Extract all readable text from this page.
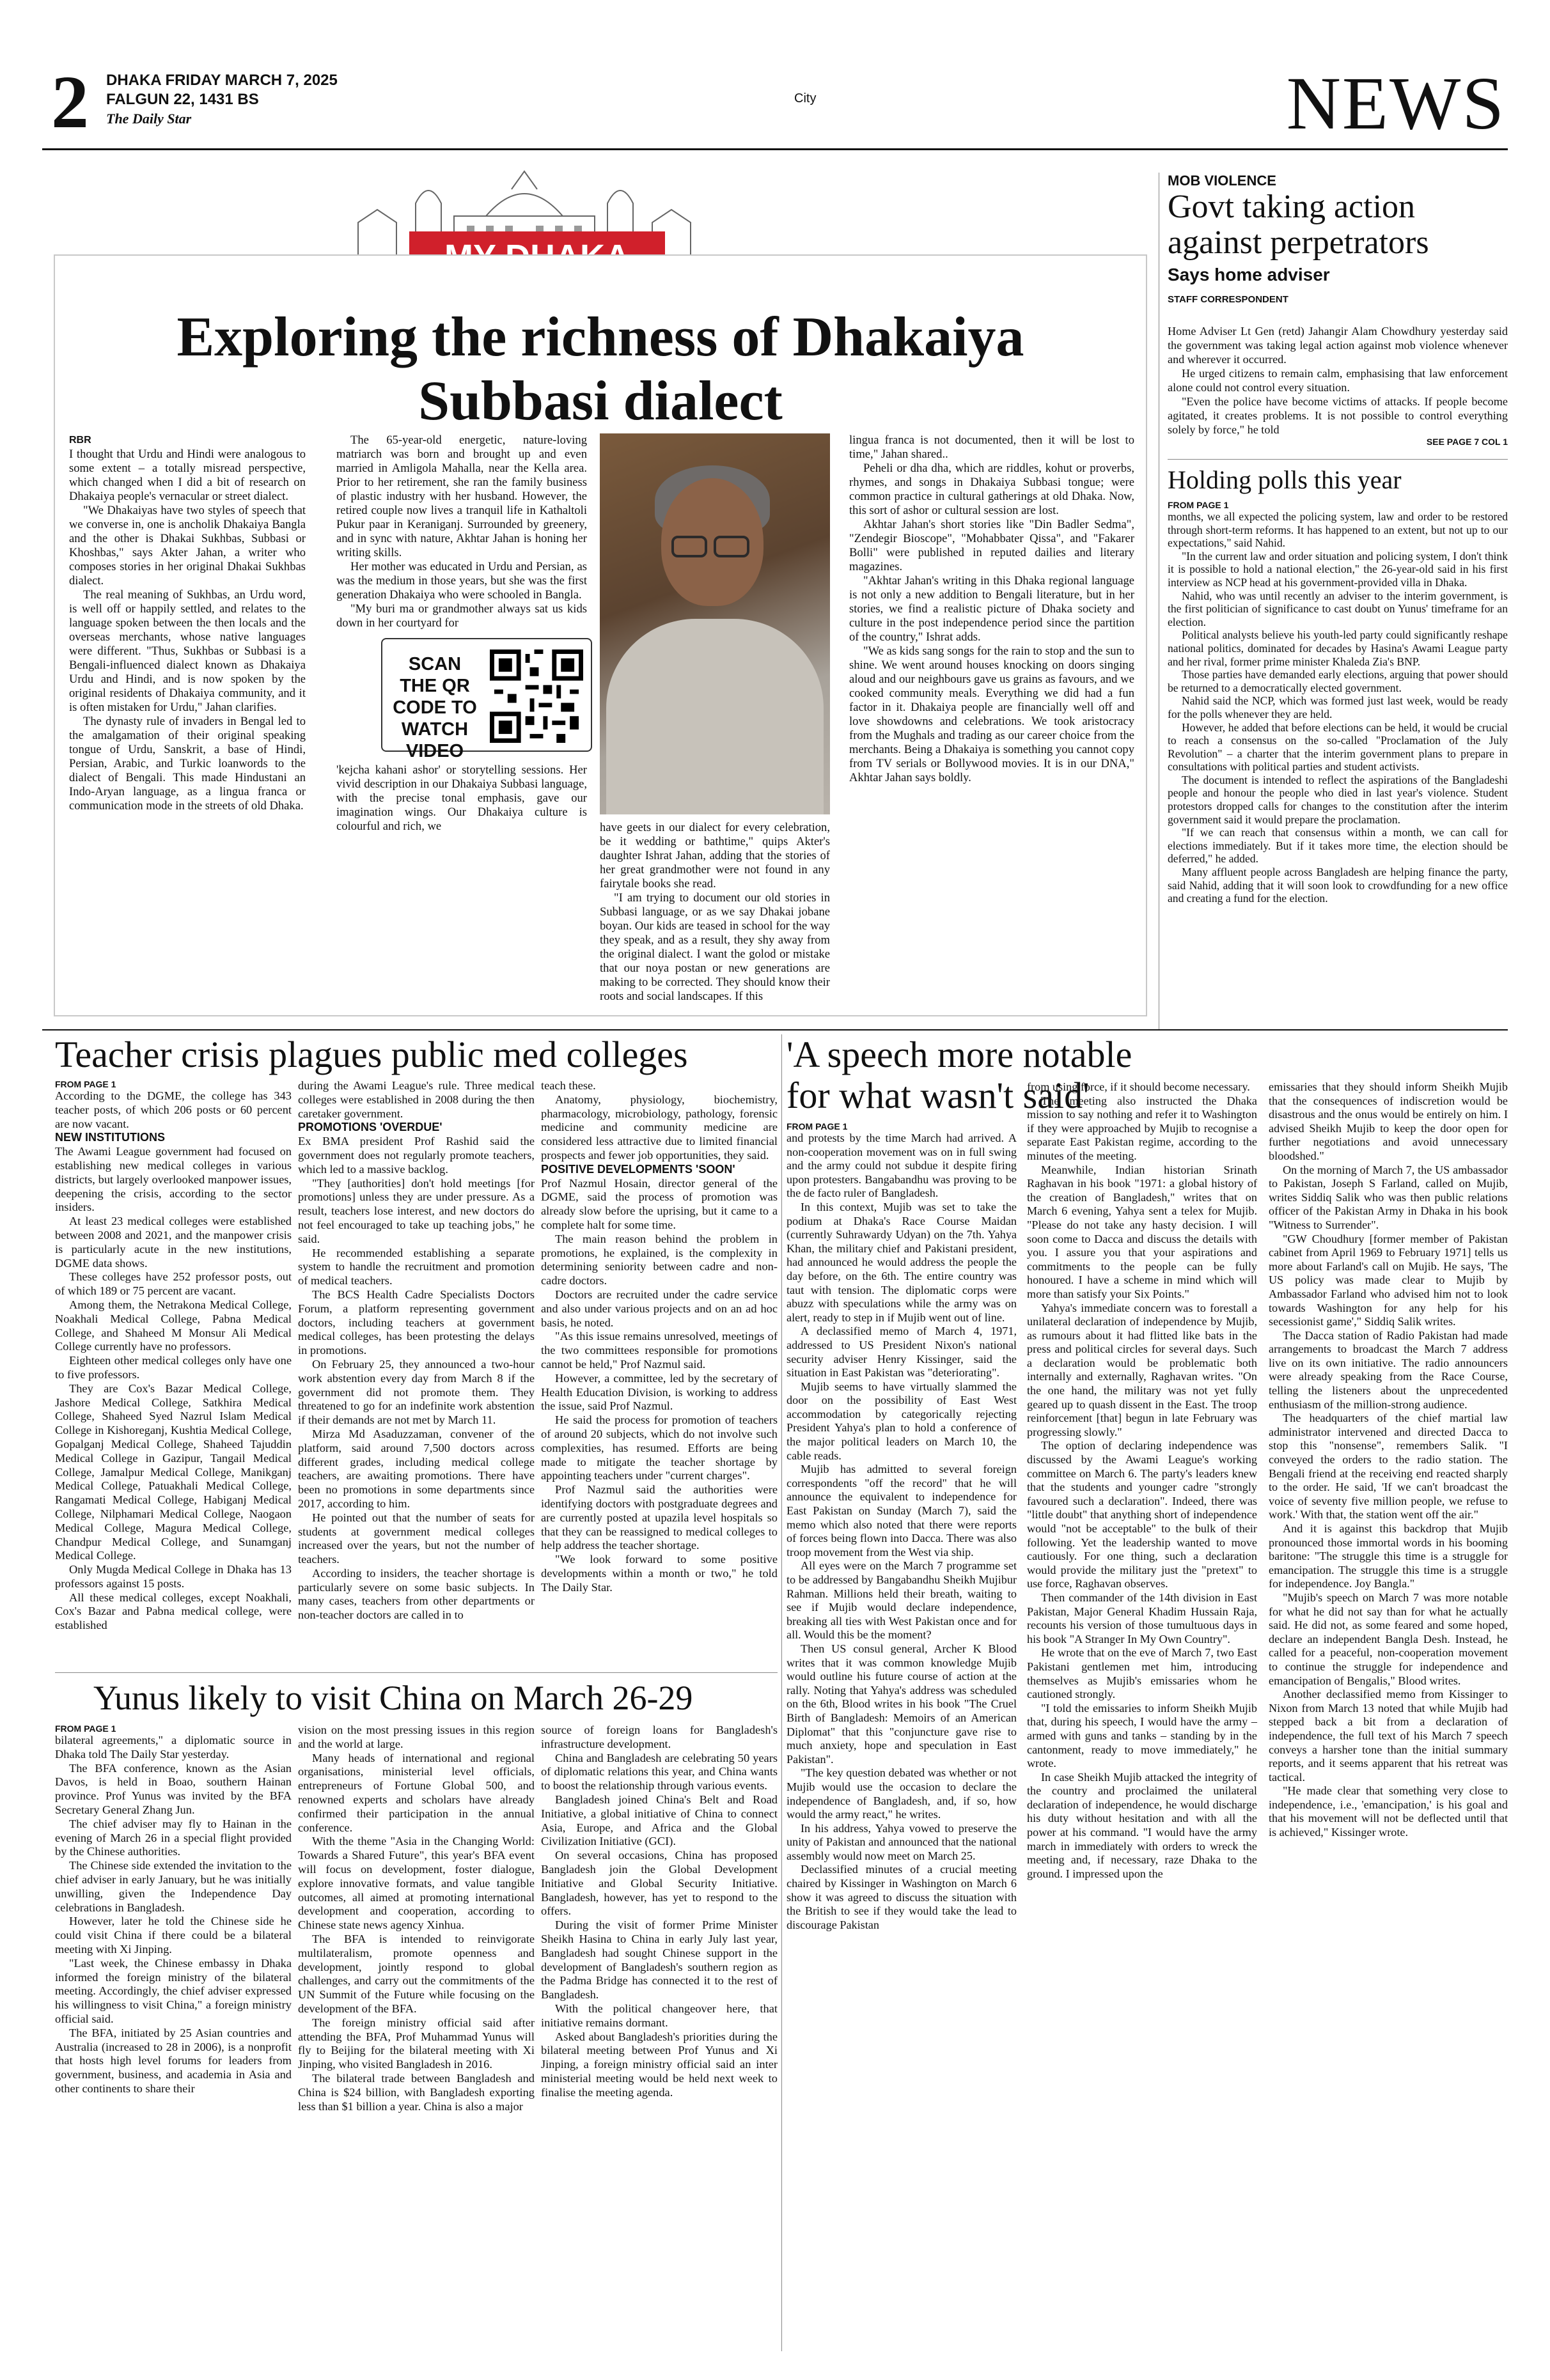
2 DHAKA FRIDAY MARCH 7, 2025
FALGUN 22, 1431 BS
The Daily Star
City	NEWS
Exploring the richness of Dhakaiya Subbasi dialect
RBR

I thought that Urdu and Hindi were analogous to some extent – a totally misread perspective, which changed when I did a bit of research on Dhakaiya people's vernacular or street dialect.

"We Dhakaiyas have two styles of speech that we converse in, one is ancholik Dhakaiya Bangla and the other is Dhakai Sukhbas, Subbasi or Khoshbas," says Akter Jahan, a writer who composes stories in her original Dhakai Sukhbas dialect.

The real meaning of Sukhbas, an Urdu word, is well off or happily settled, and relates to the language spoken between the then locals and the overseas merchants, whose native languages were different. "Thus, Sukhbas or Subbasi is a Bengali-influenced dialect known as Dhakaiya Urdu and Hindi, and is now spoken by the original residents of Dhakaiya community, and it is often mistaken for Urdu," Jahan clarifies.

The dynasty rule of invaders in Bengal led to the amalgamation of their original speaking tongue of Urdu, Sanskrit, a base of Hindi, Persian, Arabic, and Turkic loanwords to the dialect of Bengali. This made Hindustani an Indo-Aryan language, as a lingua franca or communication mode in the streets of old Dhaka.

The 65-year-old energetic, nature-loving matriarch was born and brought up and even married in Amligola Mahalla, near the Kella area. Prior to her retirement, she ran the family business of plastic industry with her husband. However, the retired couple now lives a tranquil life in Kathaltoli Pukur paar in Keraniganj. Surrounded by greenery, and in sync with nature, Akhtar Jahan is honing her writing skills.

Her mother was educated in Urdu and Persian, as was the medium in those years, but she was the first generation Dhakaiya who were schooled in Bangla.

"My buri ma or grandmother always sat us kids down in her courtyard for

SCAN THE QR CODE TO WATCH VIDEO

'kejcha kahani ashor' or storytelling sessions. Her vivid description in our Dhakaiya Subbasi language, with the precise tonal emphasis, gave our imagination wings. Our Dhakaiya culture is colourful and rich, we	have geets in our dialect for every celebration, be it wedding or bathtime," quips Akter's daughter Ishrat Jahan, adding that the stories of her great grandmother were not found in any fairytale books she read.

"I am trying to document our old stories in Subbasi language, or as we say Dhakai jobane boyan. Our kids are teased in school for the way they speak, and as a result, they shy away from the original dialect. I want the golod or mistake that our noya postan or new generations are making to be corrected. They should know their roots and social landscapes. If this

lingua franca is not documented, then it will be lost to time," Jahan shared..

Peheli or dha dha, which are riddles, kohut or proverbs, rhymes, and songs in Dhakaiya Subbasi tongue; were common practice in cultural gatherings at old Dhaka. Now, this sort of ashor or cultural session are lost.

Akhtar Jahan's short stories like "Din Badler Sedma", "Zendegir Bioscope", "Mohabbater Qissa", and "Fakarer Bolli" were published in reputed dailies and literary magazines.

"Akhtar Jahan's writing in this Dhaka regional language is not only a new addition to Bengali literature, but in her stories, we find a realistic picture of Dhaka society and culture in the post independence period since the partition of the country," Ishrat adds.

"We as kids sang songs for the rain to stop and the sun to shine. We went around houses knocking on doors singing aloud and our neighbours gave us grains as favours, and we cooked community meals. Everything we did had a fun factor in it. Dhakaiya people are financially well off and love showdowns and celebrations. We took aristocracy from the Mughals and trading as our career choice from the merchants. Being a Dhakaiya is something you cannot copy from TV serials or Bollywood movies. It is in our DNA," Akhtar Jahan says boldly.

MOB VIOLENCE
Govt taking action against perpetrators
Says home adviser
STAFF CORRESPONDENT

Home Adviser Lt Gen (retd) Jahangir Alam Chowdhury yesterday said the government was taking legal action against mob violence whenever and wherever it occurred.

He urged citizens to remain calm, emphasising that law enforcement alone could not control every situation.

"Even the police have become victims of attacks. If people become agitated, it creates problems. It is not possible to control everything solely by force," he told

SEE PAGE 7 COL 1
Holding polls this year
FROM PAGE 1

months, we all expected the policing system, law and order to be restored through short-term reforms. It has happened to an extent, but not up to our expectations," said Nahid.

"In the current law and order situation and policing system, I don't think it is possible to hold a national election," the 26-year-old said in his first interview as NCP head at his government-provided villa in Dhaka.

Nahid, who was until recently an adviser to the interim government, is the first politician of significance to cast doubt on Yunus' timeframe for an election.

Political analysts believe his youth-led party could significantly reshape national politics, dominated for decades by Hasina's Awami League party and her rival, former prime minister Khaleda Zia's BNP.

Those parties have demanded early elections, arguing that power should be returned to a democratically elected government.

Nahid said the NCP, which was formed just last week, would be ready for the polls whenever they are held.

However, he added that before elections can be held, it would be crucial to reach a consensus on the so-called "Proclamation of the July Revolution" – a charter that the interim government plans to prepare in consultations with political parties and student activists.

The document is intended to reflect the aspirations of the Bangladeshi people and honour the people who died in last year's violence. Student protestors dropped calls for changes to the constitution after the interim government said it would prepare the proclamation.

"If we can reach that consensus within a month, we can call for elections immediately. But if it takes more time, the election should be deferred," he added.

Many affluent people across Bangladesh are helping finance the party, said Nahid, adding that it will soon look to crowdfunding for a new office and creating a fund for the election.

Teacher crisis plagues public med colleges
FROM PAGE 1

According to the DGME, the college has 343 teacher posts, of which 206 posts or 60 percent are now vacant.

NEW INSTITUTIONS

The Awami League government had focused on establishing new medical colleges in various districts, but largely overlooked manpower issues, deepening the crisis, according to the sector insiders.

At least 23 medical colleges were established between 2008 and 2021, and the manpower crisis is particularly acute in the new institutions, DGME data shows.

These colleges have 252 professor posts, out of which 189 or 75 percent are vacant.

Among them, the Netrakona Medical College, Noakhali Medical College, Pabna Medical College, and Shaheed M Monsur Ali Medical College currently have no professors.

Eighteen other medical colleges only have one to five professors.

They are Cox's Bazar Medical College, Jashore Medical College, Satkhira Medical College, Shaheed Syed Nazrul Islam Medical College in Kishoreganj, Kushtia Medical College, Gopalganj Medical College, Shaheed Tajuddin Medical College in Gazipur, Tangail Medical College, Jamalpur Medical College, Manikganj Medical College, Patuakhali Medical College, Rangamati Medical College, Habiganj Medical College, Nilphamari Medical College, Naogaon Medical College, Magura Medical College, Chandpur Medical College, and Sunamganj Medical College.

Only Mugda Medical College in Dhaka has 13 professors against 15 posts.

All these medical colleges, except Noakhali, Cox's Bazar and Pabna medical college, were established

during the Awami League's rule. Three medical colleges were established in 2008 during the then caretaker government.

PROMOTIONS 'OVERDUE'

Ex BMA president Prof Rashid said the government does not regularly promote teachers, which led to a massive backlog.

"They [authorities] don't hold meetings [for promotions] unless they are under pressure. As a result, teachers lose interest, and new doctors do not feel encouraged to take up teaching jobs," he said.

He recommended establishing a separate system to handle the recruitment and promotion of medical teachers.

The BCS Health Cadre Specialists Doctors Forum, a platform representing government doctors, including teachers at government medical colleges, has been protesting the delays in promotions.

On February 25, they announced a two-hour work abstention every day from March 8 if the government did not promote them. They threatened to go for an indefinite work abstention if their demands are not met by March 11.

Mirza Md Asaduzzaman, convener of the platform, said around 7,500 doctors across different grades, including medical college teachers, are awaiting promotions. There have been no promotions in some departments since 2017, according to him.

He pointed out that the number of seats for students at government medical colleges increased over the years, but not the number of teachers.

According to insiders, the teacher shortage is particularly severe on some basic subjects. In many cases, teachers from other departments or non-teacher doctors are called in to

teach these.

Anatomy, physiology, biochemistry, pharmacology, microbiology, pathology, forensic medicine and community medicine are considered less attractive due to limited financial prospects and fewer job opportunities, they said.

POSITIVE DEVELOPMENTS 'SOON'

Prof Nazmul Hosain, director general of the DGME, said the process of promotion was already slow before the uprising, but it came to a complete halt for some time.

The main reason behind the problem in promotions, he explained, is the complexity in determining seniority between cadre and non-cadre doctors.

Doctors are recruited under the cadre service and also under various projects and on an ad hoc basis, he noted.

"As this issue remains unresolved, meetings of the two committees responsible for promotions cannot be held," Prof Nazmul said.

However, a committee, led by the secretary of Health Education Division, is working to address the issue, said Prof Nazmul.

He said the process for promotion of teachers of around 20 subjects, which do not involve such complexities, has resumed. Efforts are being made to mitigate the teacher shortage by appointing teachers under "current charges".

Prof Nazmul said the authorities were identifying doctors with postgraduate degrees and are currently posted at upazila level hospitals so that they can be reassigned to medical colleges to help address the teacher shortage.

"We look forward to some positive developments within a month or two," he told The Daily Star.

Yunus likely to visit China on March 26-29
FROM PAGE 1

bilateral agreements," a diplomatic source in Dhaka told The Daily Star yesterday.

The BFA conference, known as the Asian Davos, is held in Boao, southern Hainan province. Prof Yunus was invited by the BFA Secretary General Zhang Jun.

The chief adviser may fly to Hainan in the evening of March 26 in a special flight provided by the Chinese authorities.

The Chinese side extended the invitation to the chief adviser in early January, but he was initially unwilling, given the Independence Day celebrations in Bangladesh.

However, later he told the Chinese side he could visit China if there could be a bilateral meeting with Xi Jinping.

"Last week, the Chinese embassy in Dhaka informed the foreign ministry of the bilateral meeting. Accordingly, the chief adviser expressed his willingness to visit China," a foreign ministry official said.

The BFA, initiated by 25 Asian countries and Australia (increased to 28 in 2006), is a nonprofit that hosts high level forums for leaders from government, business, and academia in Asia and other continents to share their

vision on the most pressing issues in this region and the world at large.

Many heads of international and regional organisations, ministerial level officials, entrepreneurs of Fortune Global 500, and renowned experts and scholars have already confirmed their participation in the annual conference.

With the theme "Asia in the Changing World: Towards a Shared Future", this year's BFA event will focus on development, foster dialogue, explore innovative formats, and value tangible outcomes, all aimed at promoting international development and cooperation, according to Chinese state news agency Xinhua.

The BFA is intended to reinvigorate multilateralism, promote openness and development, jointly respond to global challenges, and carry out the commitments of the UN Summit of the Future while focusing on the development of the BFA.

The foreign ministry official said after attending the BFA, Prof Muhammad Yunus will fly to Beijing for the bilateral meeting with Xi Jinping, who visited Bangladesh in 2016.

The bilateral trade between Bangladesh and China is $24 billion, with Bangladesh exporting less than $1 billion a year. China is also a major

source of foreign loans for Bangladesh's infrastructure development.

China and Bangladesh are celebrating 50 years of diplomatic relations this year, and China wants to boost the relationship through various events.

Bangladesh joined China's Belt and Road Initiative, a global initiative of China to connect Asia, Europe, and Africa and the Global Civilization Initiative (GCI).

On several occasions, China has proposed Bangladesh join the Global Development Initiative and Global Security Initiative. Bangladesh, however, has yet to respond to the offers.

During the visit of former Prime Minister Sheikh Hasina to China in early July last year, Bangladesh had sought Chinese support in the development of Bangladesh's southern region as the Padma Bridge has connected it to the rest of Bangladesh.

With the political changeover here, that initiative remains dormant.

Asked about Bangladesh's priorities during the bilateral meeting between Prof Yunus and Xi Jinping, a foreign ministry official said an inter ministerial meeting would be held next week to finalise the meeting agenda.

'A speech more notable for what wasn't said'
FROM PAGE 1

and protests by the time March had arrived. A non-cooperation movement was on in full swing and the army could not subdue it despite firing upon protesters. Bangabandhu was proving to be the de facto ruler of Bangladesh.

In this context, Mujib was set to take the podium at Dhaka's Race Course Maidan (currently Suhrawardy Udyan) on the 7th. Yahya Khan, the military chief and Pakistani president, had announced he would address the people the day before, on the 6th. The entire country was taut with tension. The diplomatic corps were abuzz with speculations while the army was on alert, ready to step in if Mujib went out of line.

A declassified memo of March 4, 1971, addressed to US President Nixon's national security adviser Henry Kissinger, said the situation in East Pakistan was "deteriorating".

Mujib seems to have virtually slammed the door on the possibility of East West accommodation by categorically rejecting President Yahya's plan to hold a conference of the major political leaders on March 10, the cable reads.

Mujib has admitted to several foreign correspondents "off the record" that he will announce the equivalent to independence for East Pakistan on Sunday (March 7), said the memo which also noted that there were reports of forces being flown into Dacca. There was also troop movement from the West via ship.

All eyes were on the March 7 programme set to be addressed by Bangabandhu Sheikh Mujibur Rahman. Millions held their breath, waiting to see if Mujib would declare independence, breaking all ties with West Pakistan once and for all. Would this be the moment?

Then US consul general, Archer K Blood writes that it was common knowledge Mujib would outline his future course of action at the rally. Noting that Yahya's address was scheduled on the 6th, Blood writes in his book "The Cruel Birth of Bangladesh: Memoirs of an American Diplomat" that this "conjuncture gave rise to much anxiety, hope and speculation in East Pakistan".

"The key question debated was whether or not Mujib would use the occasion to declare the independence of Bangladesh, and, if so, how would the army react," he writes.

In his address, Yahya vowed to preserve the unity of Pakistan and announced that the national assembly would now meet on March 25.

Declassified minutes of a crucial meeting chaired by Kissinger in Washington on March 6 show it was agreed to discuss the situation with the British to see if they would take the lead to discourage Pakistan

from using force, if it should become necessary.

The meeting also instructed the Dhaka mission to say nothing and refer it to Washington if they were approached by Mujib to recognise a separate East Pakistan regime, according to the minutes of the meeting.

Meanwhile, Indian historian Srinath Raghavan in his book "1971: a global history of the creation of Bangladesh," writes that on March 6 evening, Yahya sent a telex for Mujib. "Please do not take any hasty decision. I will soon come to Dacca and discuss the details with you. I assure you that your aspirations and commitments to the people can be fully honoured. I have a scheme in mind which will more than satisfy your Six Points."

Yahya's immediate concern was to forestall a unilateral declaration of independence by Mujib, as rumours about it had flitted like bats in the press and political circles for several days. Such a declaration would be problematic both internally and externally, Raghavan writes. "On the one hand, the military was not yet fully geared up to quash dissent in the East. The troop reinforcement [that] begun in late February was progressing slowly."

The option of declaring independence was discussed by the Awami League's working committee on March 6. The party's leaders knew that the students and younger cadre "strongly favoured such a declaration". Indeed, there was "little doubt" that anything short of independence would "not be acceptable" to the bulk of their following. Yet the leadership wanted to move cautiously. For one thing, such a declaration would provide the military just the "pretext" to use force, Raghavan observes.

Then commander of the 14th division in East Pakistan, Major General Khadim Hussain Raja, recounts his version of those tumultuous days in his book "A Stranger In My Own Country".

He wrote that on the eve of March 7, two East Pakistani gentlemen met him, introducing themselves as Mujib's emissaries whom he cautioned strongly.

"I told the emissaries to inform Sheikh Mujib that, during his speech, I would have the army – armed with guns and tanks – standing by in the cantonment, ready to move immediately," he wrote.

In case Sheikh Mujib attacked the integrity of the country and proclaimed the unilateral declaration of independence, he would discharge his duty without hesitation and with all the power at his command. "I would have the army march in immediately with orders to wreck the meeting and, if necessary, raze Dhaka to the ground. I impressed upon the

emissaries that they should inform Sheikh Mujib that the consequences of indiscretion would be disastrous and the onus would be entirely on him. I advised Sheikh Mujib to keep the door open for further negotiations and avoid unnecessary bloodshed."

On the morning of March 7, the US ambassador to Pakistan, Joseph S Farland, called on Mujib, writes Siddiq Salik who was then public relations officer of the Pakistan Army in Dhaka in his book "Witness to Surrender".

"GW Choudhury [former member of Pakistan cabinet from April 1969 to February 1971] tells us more about Farland's call on Mujib. He says, 'The US policy was made clear to Mujib by Ambassador Farland who advised him not to look towards Washington for any help for his secessionist game'," Siddiq Salik writes.

The Dacca station of Radio Pakistan had made arrangements to broadcast the March 7 address live on its own initiative. The radio announcers were already speaking from the Race Course, telling the listeners about the unprecedented enthusiasm of the million-strong audience.

The headquarters of the chief martial law administrator intervened and directed Dacca to stop this "nonsense", remembers Salik. "I conveyed the orders to the radio station. The Bengali friend at the receiving end reacted sharply to the order. He said, 'If we can't broadcast the voice of seventy five million people, we refuse to work.' With that, the station went off the air."

And it is against this backdrop that Mujib pronounced those immortal words in his booming baritone: "The struggle this time is a struggle for emancipation. The struggle this time is a struggle for independence. Joy Bangla."

"Mujib's speech on March 7 was more notable for what he did not say than for what he actually said. He did not, as some feared and some hoped, declare an independent Bangla Desh. Instead, he called for a peaceful, non-cooperation movement to continue the struggle for independence and emancipation of Bengalis," Blood writes.

Another declassified memo from Kissinger to Nixon from March 13 noted that while Mujib had stepped back a bit from a declaration of independence, the full text of his March 7 speech conveys a harsher tone than the initial summary reports, and it seems apparent that his retreat was tactical.

"He made clear that something very close to independence, i.e., 'emancipation,' is his goal and that his movement will not be deflected until that is achieved," Kissinger wrote.
